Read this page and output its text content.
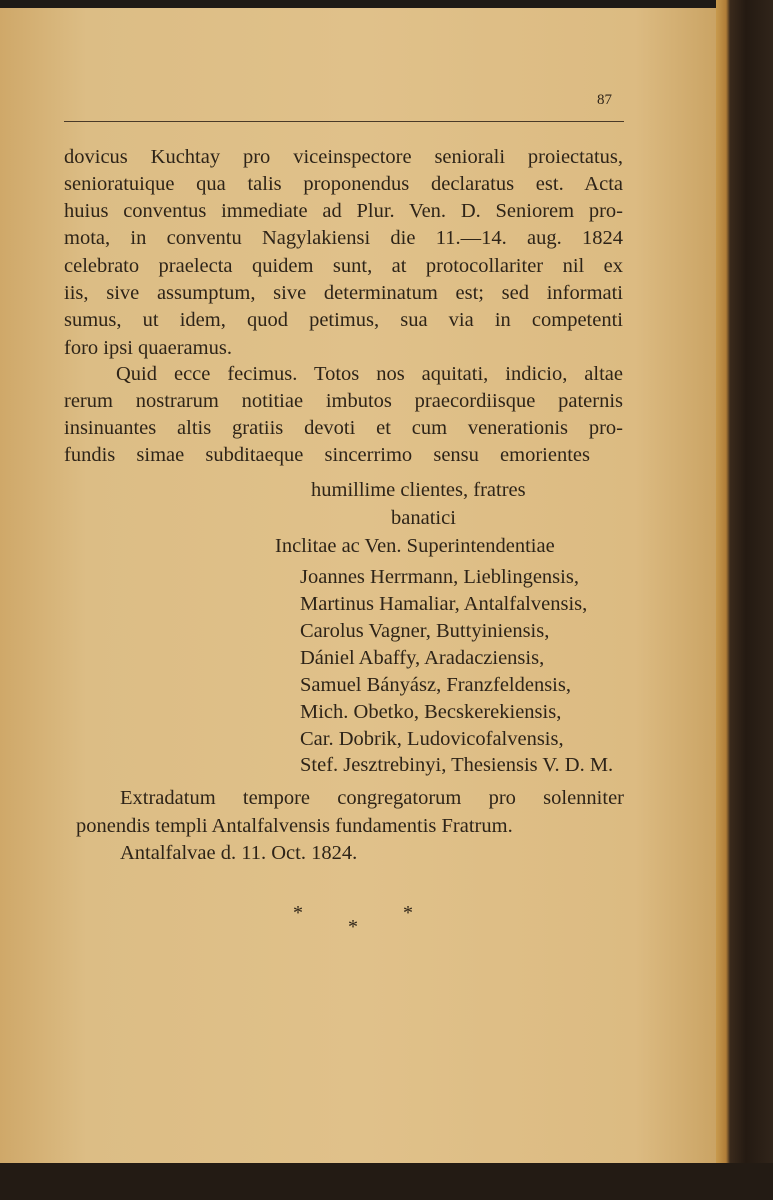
87
dovicus Kuchtay pro viceinspectore seniorali proiectatus,
senioratuique qua talis proponendus declaratus est. Acta
huius conventus immediate ad Plur. Ven. D. Seniorem pro-
mota, in conventu Nagylakiensi die 11.—14. aug. 1824
celebrato praelecta quidem sunt, at protocollariter nil ex
iis, sive assumptum, sive determinatum est; sed informati
sumus, ut idem, quod petimus, sua via in competenti
foro ipsi quaeramus.
Quid ecce fecimus. Totos nos aquitati, indicio, altae
rerum nostrarum notitiae imbutos praecordiisque paternis
insinuantes altis gratiis devoti et cum venerationis pro-
fundis simae subditaeque sincerrimo sensu emorientes
humillime clientes, fratres
banatici
Inclitae ac Ven. Superintendentiae
Joannes Herrmann, Lieblingensis,
Martinus Hamaliar, Antalfalvensis,
Carolus Vagner, Buttyiniensis,
Dániel Abaffy, Aradacziensis,
Samuel Bányász, Franzfeldensis,
Mich. Obetko, Becskerekiensis,
Car. Dobrik, Ludovicofalvensis,
Stef. Jesztrebinyi, Thesiensis V. D. M.
Extradatum tempore congregatorum pro solenniter
ponendis templi Antalfalvensis fundamentis Fratrum.
Antalfalvae d. 11. Oct. 1824.
*	*
*
